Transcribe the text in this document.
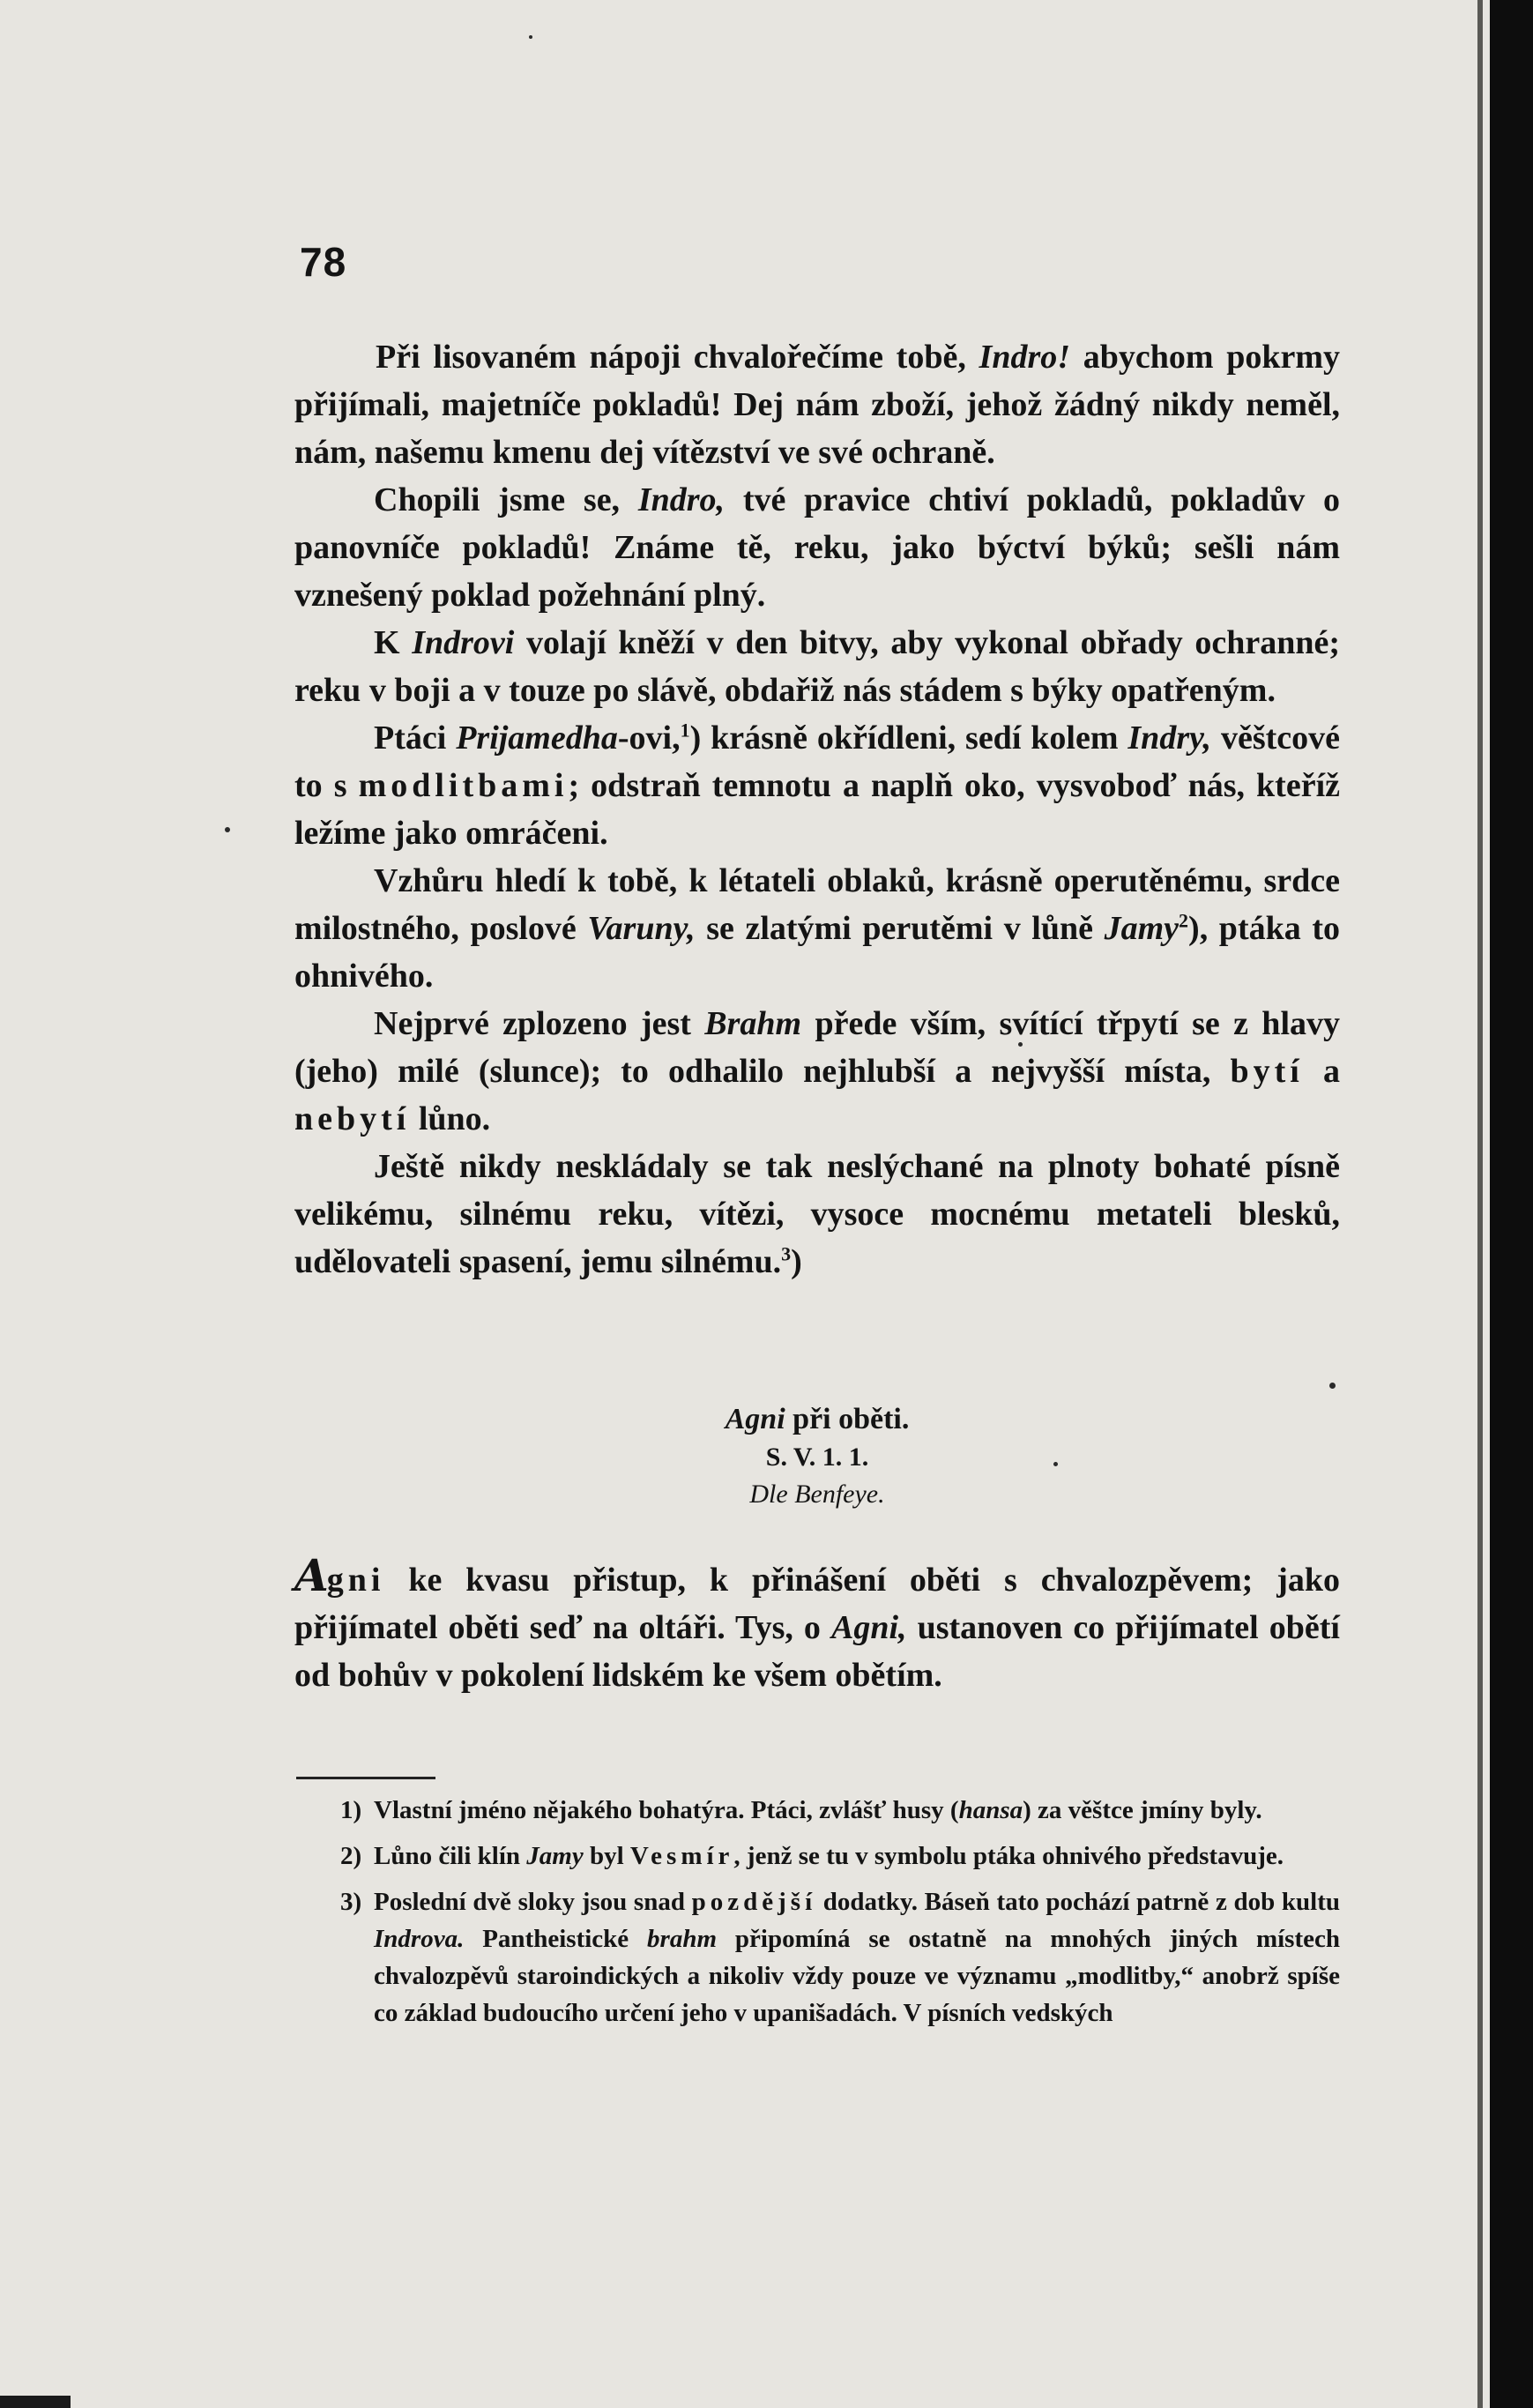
78

Při lisovaném nápoji chvalořečíme tobě, Indro! abychom pokrmy přijímali, majetníče pokladů! Dej nám zboží, jehož žádný nikdy neměl, nám, našemu kmenu dej vítězství ve své ochraně.

Chopili jsme se, Indro, tvé pravice chtiví pokladů, pokladův o panovníče pokladů! Známe tě, reku, jako býctví býků; sešli nám vznešený poklad požehnání plný.

K Indrovi volají kněží v den bitvy, aby vykonal obřady ochranné; reku v boji a v touze po slávě, obdařiž nás stádem s býky opatřeným.

Ptáci Prijamedha-ovi,$^1$) krásně okřídleni, sedí kolem Indry, věštcové to s modlitbami; odstraň temnotu a naplň oko, vysvoboď nás, kteříž ležíme jako omráčeni.

Vzhůru hledí k tobě, k létateli oblaků, krásně operutěnému, srdce milostného, poslové Varuny, se zlatými perutěmi v lůně Jamy$^2$), ptáka to ohnivého.

Nejprvé zplozeno jest Brahm přede vším, svítící třpytí se z hlavy (jeho) milé (slunce); to odhalilo nejhlubší a nejvyšší místa, bytí a nebytí lůno.

Ještě nikdy neskládaly se tak neslýchané na plnoty bohaté písně velikému, silnému reku, vítězi, vysoce mocnému metateli blesků, udělovateli spasení, jemu silnému.$^3$)

Agni při oběti.
S. V. 1. 1.
Dle Benfeye.

Agni ke kvasu přistup, k přinášení oběti s chvalozpěvem; jako přijímatel oběti seď na oltáři. Tys, o Agni, ustanoven co přijímatel obětí od bohův v pokolení lidském ke všem obětím.

1) Vlastní jméno nějakého bohatýra. Ptáci, zvlášť husy (hansa) za věštce jmíny byly.
2) Lůno čili klín Jamy byl Vesmír, jenž se tu v symbolu ptáka ohnivého představuje.
3) Poslední dvě sloky jsou snad pozdější dodatky. Báseň tato pochází patrně z dob kultu Indrova. Pantheistické brahm připomíná se ostatně na mnohých jiných místech chvalozpěvů staroindických a nikoliv vždy pouze ve významu „modlitby,“ anobrž spíše co základ budoucího určení jeho v upanišadách. V písních vedských
